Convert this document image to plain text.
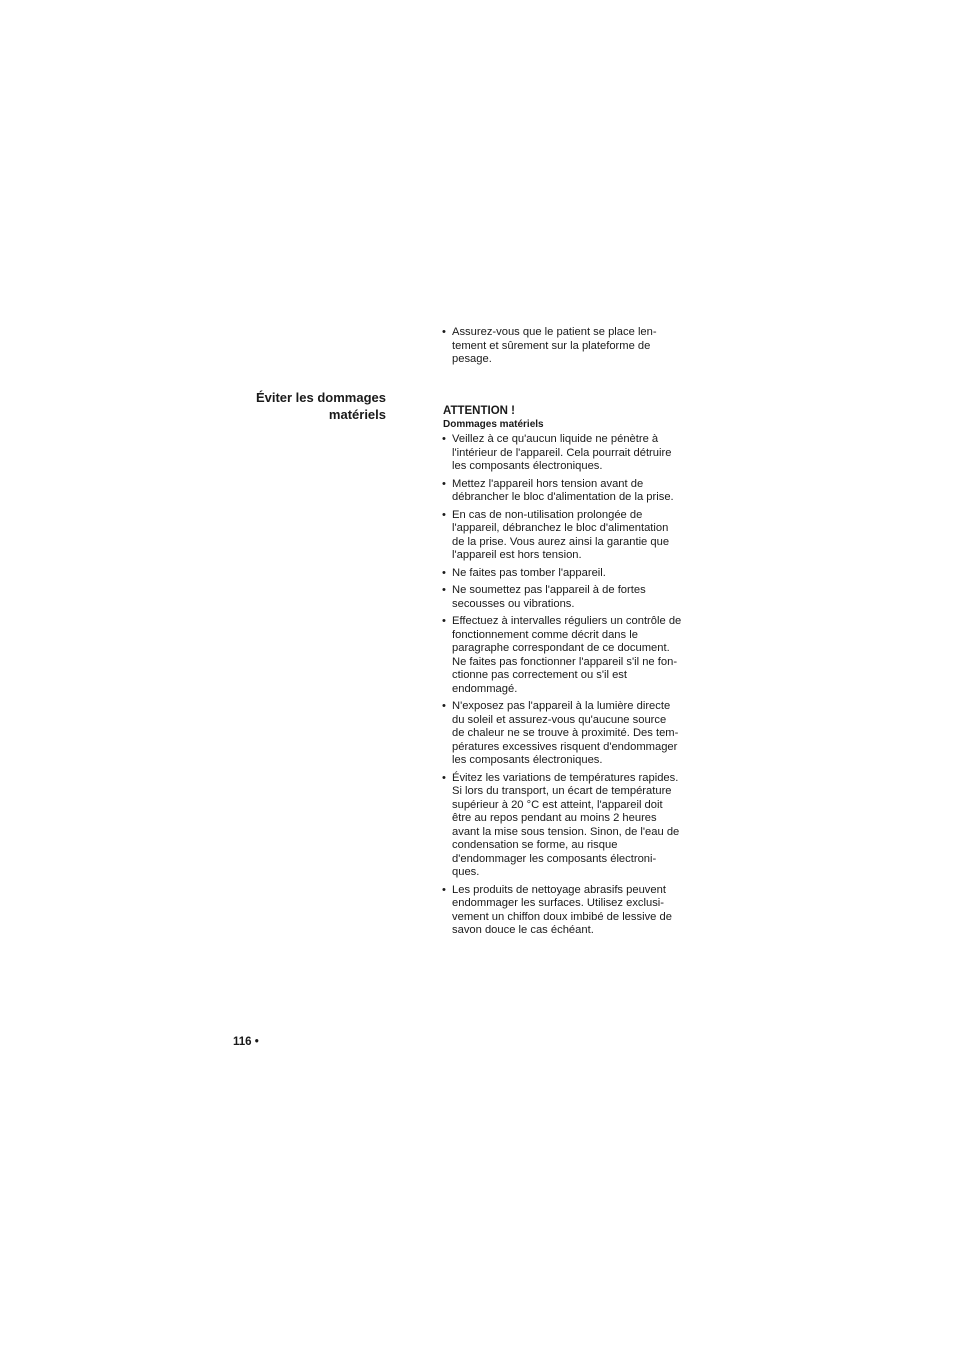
• Assurez-vous que le patient se place len-
tement et sûrement sur la plateforme de
pesage.
Éviter les dommages
matériels	ATTENTION !
Dommages matériels
• Veillez à ce qu'aucun liquide ne pénètre à
l'intérieur de l'appareil. Cela pourrait détruire
les composants électroniques.
• Mettez l'appareil hors tension avant de
débrancher le bloc d'alimentation de la prise.
• En cas de non-utilisation prolongée de
l'appareil, débranchez le bloc d'alimentation
de la prise. Vous aurez ainsi la garantie que
l'appareil est hors tension.
• Ne faites pas tomber l'appareil.
• Ne soumettez pas l'appareil à de fortes
secousses ou vibrations.
• Effectuez à intervalles réguliers un contrôle de
fonctionnement comme décrit dans le
paragraphe correspondant de ce document.
Ne faites pas fonctionner l'appareil s'il ne fon-
ctionne pas correctement ou s'il est
endommagé.
• N'exposez pas l'appareil à la lumière directe
du soleil et assurez-vous qu'aucune source
de chaleur ne se trouve à proximité. Des tem-
pératures excessives risquent d'endommager
les composants électroniques.
• Évitez les variations de températures rapides.
Si lors du transport, un écart de température
supérieur à 20 °C est atteint, l'appareil doit
être au repos pendant au moins 2 heures
avant la mise sous tension. Sinon, de l'eau de
condensation se forme, au risque
d'endommager les composants électroni-
ques.
• Les produits de nettoyage abrasifs peuvent
endommager les surfaces. Utilisez exclusi-
vement un chiffon doux imbibé de lessive de
savon douce le cas échéant.
116 •
